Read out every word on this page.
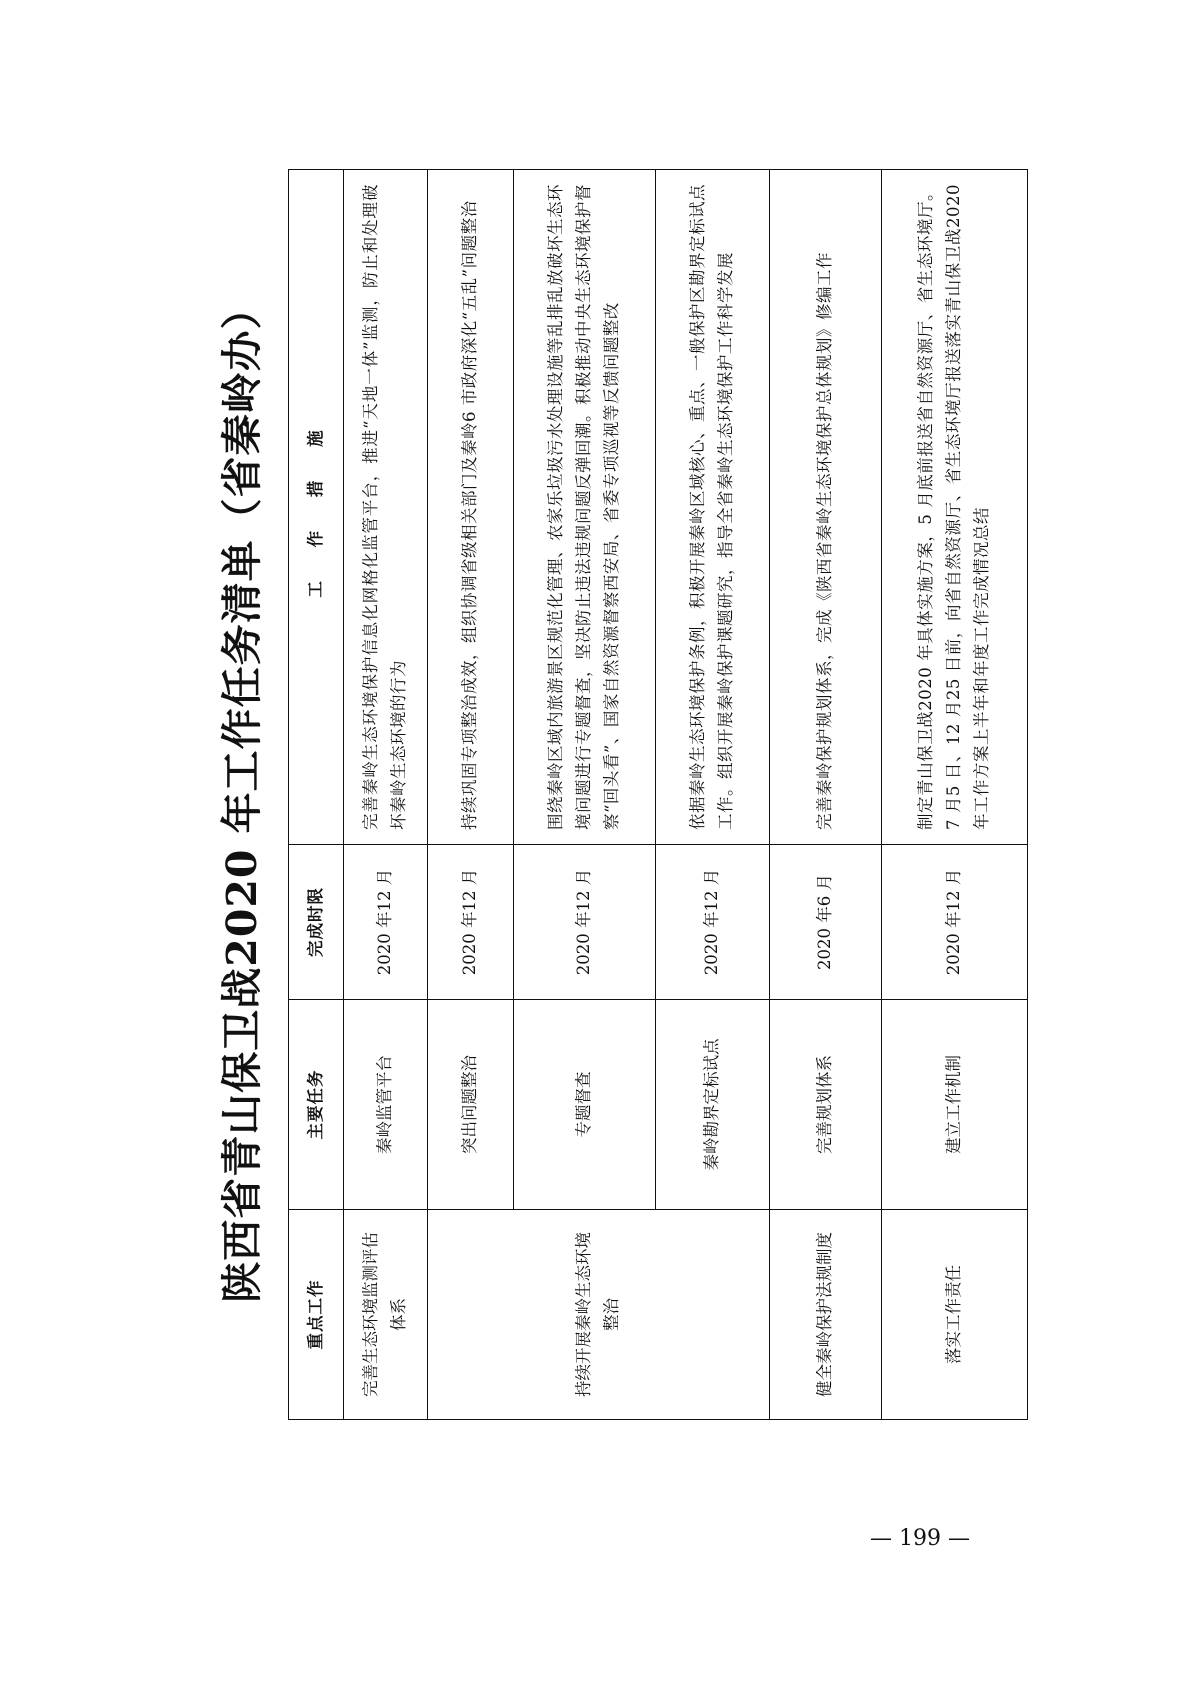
陕西省青山保卫战2020 年工作任务清单（省秦岭办）
重点工作	主要任务	完成时限	工 作 措 施
完善生态环境监测评估体系	秦岭监管平台	2020 年12 月	完善秦岭生态环境保护信息化网格化监管平台，推进“天地一体”监测，防止和处理破坏秦岭生态环境的行为
持续开展秦岭生态环境整治	突出问题整治	2020 年12 月	持续巩固专项整治成效，组织协调省级相关部门及秦岭6 市政府深化“五乱”问题整治
	专题督查	2020 年12 月	围绕秦岭区域内旅游景区规范化管理、农家乐垃圾污水处理设施等乱排乱放破坏生态环境问题进行专题督查，坚决防止违法违规问题反弹回潮。积极推动中央生态环境保护督察“回头看”、国家自然资源督察西安局、省委专项巡视等反馈问题整改
	秦岭勘界定标试点	2020 年12 月	依据秦岭生态环境保护条例，积极开展秦岭区域核心、重点、一般保护区勘界定标试点工作。组织开展秦岭保护课题研究，指导全省秦岭生态环境保护工作科学发展
健全秦岭保护法规制度	完善规划体系	2020 年6 月	完善秦岭保护规划体系，完成《陕西省秦岭生态环境保护总体规划》修编工作
落实工作责任	建立工作机制	2020 年12 月	制定青山保卫战2020 年具体实施方案，5 月底前报送省自然资源厅、省生态环境厅。7 月5 日、12 月25 日前，向省自然资源厅、省生态环境厅报送落实青山保卫战2020 年工作方案上半年和年度工作完成情况总结
— 199 —
